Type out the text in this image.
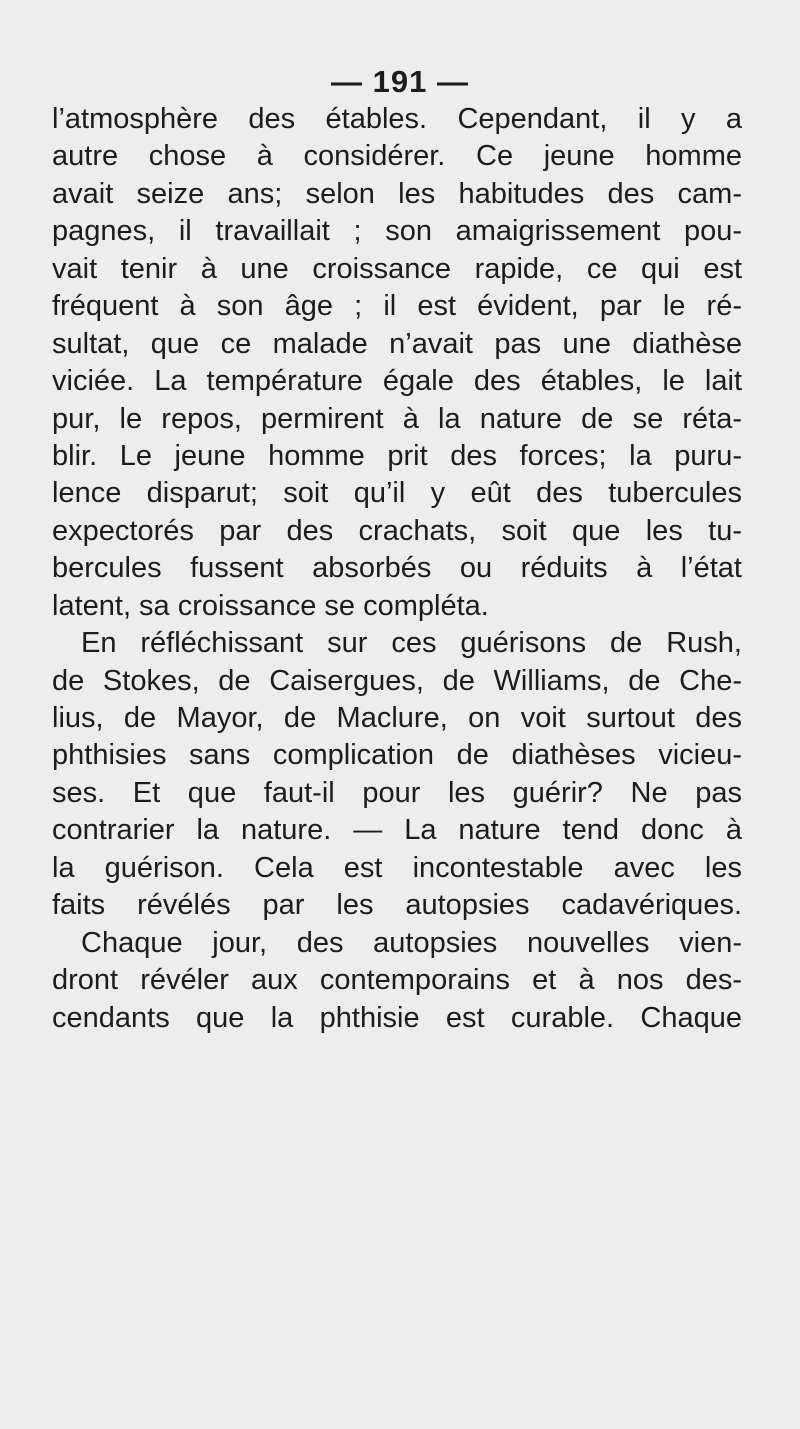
— 191 —
l’atmosphère des étables. Cependant, il y a
autre chose à considérer. Ce jeune homme
avait seize ans; selon les habitudes des cam-
pagnes, il travaillait ; son amaigrissement pou-
vait tenir à une croissance rapide, ce qui est
fréquent à son âge ; il est évident, par le ré-
sultat, que ce malade n’avait pas une diathèse
viciée. La température égale des étables, le lait
pur, le repos, permirent à la nature de se réta-
blir. Le jeune homme prit des forces; la puru-
lence disparut; soit qu’il y eût des tubercules
expectorés par des crachats, soit que les tu-
bercules fussent absorbés ou réduits à l’état
latent, sa croissance se compléta.
En réfléchissant sur ces guérisons de Rush,
de Stokes, de Caisergues, de Williams, de Che-
lius, de Mayor, de Maclure, on voit surtout des
phthisies sans complication de diathèses vicieu-
ses. Et que faut-il pour les guérir? Ne pas
contrarier la nature. — La nature tend donc à
la guérison. Cela est incontestable avec les
faits révélés par les autopsies cadavériques.
Chaque jour, des autopsies nouvelles vien-
dront révéler aux contemporains et à nos des-
cendants que la phthisie est curable. Chaque
